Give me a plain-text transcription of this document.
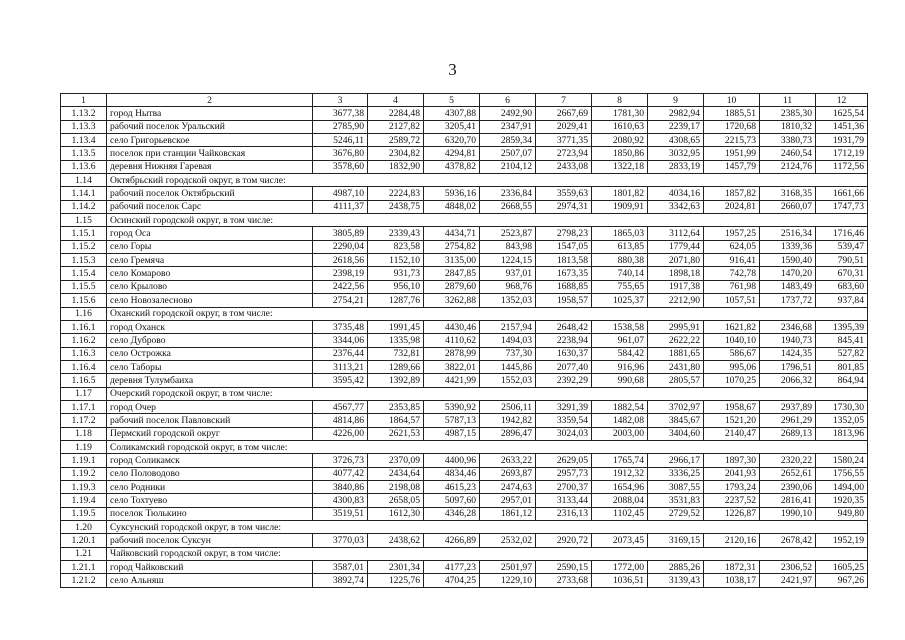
3
1	2	3	4	5	6	7	8	9	10	11	12
1.13.2	город Нытва	3677,38	2284,48	4307,88	2492,90	2667,69	1781,30	2982,94	1885,51	2385,30	1625,54
1.13.3	рабочий поселок Уральский	2785,90	2127,82	3205,41	2347,91	2029,41	1610,63	2239,17	1720,68	1810,32	1451,36
1.13.4	село Григорьевское	5246,11	2589,72	6320,70	2859,34	3771,35	2080,92	4308,65	2215,73	3380,73	1931,79
1.13.5	поселок при станции Чайковская	3676,80	2304,82	4294,81	2507,07	2723,94	1850,86	3032,95	1951,99	2460,54	1712,19
1.13.6	деревня Нижняя Гаревая	3578,60	1832,90	4378,82	2104,12	2433,08	1322,18	2833,19	1457,79	2124,76	1172,56
1.14	Октябрьский городской округ, в том числе:										
1.14.1	рабочий поселок Октябрьский	4987,10	2224,83	5936,16	2336,84	3559,63	1801,82	4034,16	1857,82	3168,35	1661,66
1.14.2	рабочий поселок Сарс	4111,37	2438,75	4848,02	2668,55	2974,31	1909,91	3342,63	2024,81	2660,07	1747,73
1.15	Осинский городской округ, в том числе:										
1.15.1	город Оса	3805,89	2339,43	4434,71	2523,87	2798,23	1865,03	3112,64	1957,25	2516,34	1716,46
1.15.2	село Горы	2290,04	823,58	2754,82	843,98	1547,05	613,85	1779,44	624,05	1339,36	539,47
1.15.3	село Гремяча	2618,56	1152,10	3135,00	1224,15	1813,58	880,38	2071,80	916,41	1590,40	790,51
1.15.4	село Комарово	2398,19	931,73	2847,85	937,01	1673,35	740,14	1898,18	742,78	1470,20	670,31
1.15.5	село Крылово	2422,56	956,10	2879,60	968,76	1688,85	755,65	1917,38	761,98	1483,49	683,60
1.15.6	село Новозалесново	2754,21	1287,76	3262,88	1352,03	1958,57	1025,37	2212,90	1057,51	1737,72	937,84
1.16	Оханский городской округ, в том числе:										
1.16.1	город Оханск	3735,48	1991,45	4430,46	2157,94	2648,42	1538,58	2995,91	1621,82	2346,68	1395,39
1.16.2	село Дуброво	3344,06	1335,98	4110,62	1494,03	2238,94	961,07	2622,22	1040,10	1940,73	845,41
1.16.3	село Острожка	2376,44	732,81	2878,99	737,30	1630,37	584,42	1881,65	586,67	1424,35	527,82
1.16.4	село Таборы	3113,21	1289,66	3822,01	1445,86	2077,40	916,96	2431,80	995,06	1796,51	801,85
1.16.5	деревня Тулумбаиха	3595,42	1392,89	4421,99	1552,03	2392,29	990,68	2805,57	1070,25	2066,32	864,94
1.17	Очерский городской округ, в том числе:										
1.17.1	город Очер	4567,77	2353,85	5390,92	2506,11	3291,39	1882,54	3702,97	1958,67	2937,89	1730,30
1.17.2	рабочий поселок Павловский	4814,86	1864,57	5787,13	1942,82	3359,54	1482,08	3845,67	1521,20	2961,29	1352,05
1.18	Пермский городской округ	4226,00	2621,53	4987,15	2896,47	3024,03	2003,00	3404,60	2140,47	2689,13	1813,96
1.19	Соликамский городской округ, в том числе:										
1.19.1	город Соликамск	3726,73	2370,09	4400,96	2633,22	2629,05	1765,74	2966,17	1897,30	2320,22	1580,24
1.19.2	село Половодово	4077,42	2434,64	4834,46	2693,87	2957,73	1912,32	3336,25	2041,93	2652,61	1756,55
1.19.3	село Родники	3840,86	2198,08	4615,23	2474,63	2700,37	1654,96	3087,55	1793,24	2390,06	1494,00
1.19.4	село Тохтуево	4300,83	2658,05	5097,60	2957,01	3133,44	2088,04	3531,83	2237,52	2816,41	1920,35
1.19.5	поселок Тюлькино	3519,51	1612,30	4346,28	1861,12	2316,13	1102,45	2729,52	1226,87	1990,10	949,80
1.20	Суксунский городской округ, в том числе:										
1.20.1	рабочий поселок Суксун	3770,03	2438,62	4266,89	2532,02	2920,72	2073,45	3169,15	2120,16	2678,42	1952,19
1.21	Чайковский городской округ, в том числе:										
1.21.1	город Чайковский	3587,01	2301,34	4177,23	2501,97	2590,15	1772,00	2885,26	1872,31	2306,52	1605,25
1.21.2	село Альняш	3892,74	1225,76	4704,25	1229,10	2733,68	1036,51	3139,43	1038,17	2421,97	967,26
